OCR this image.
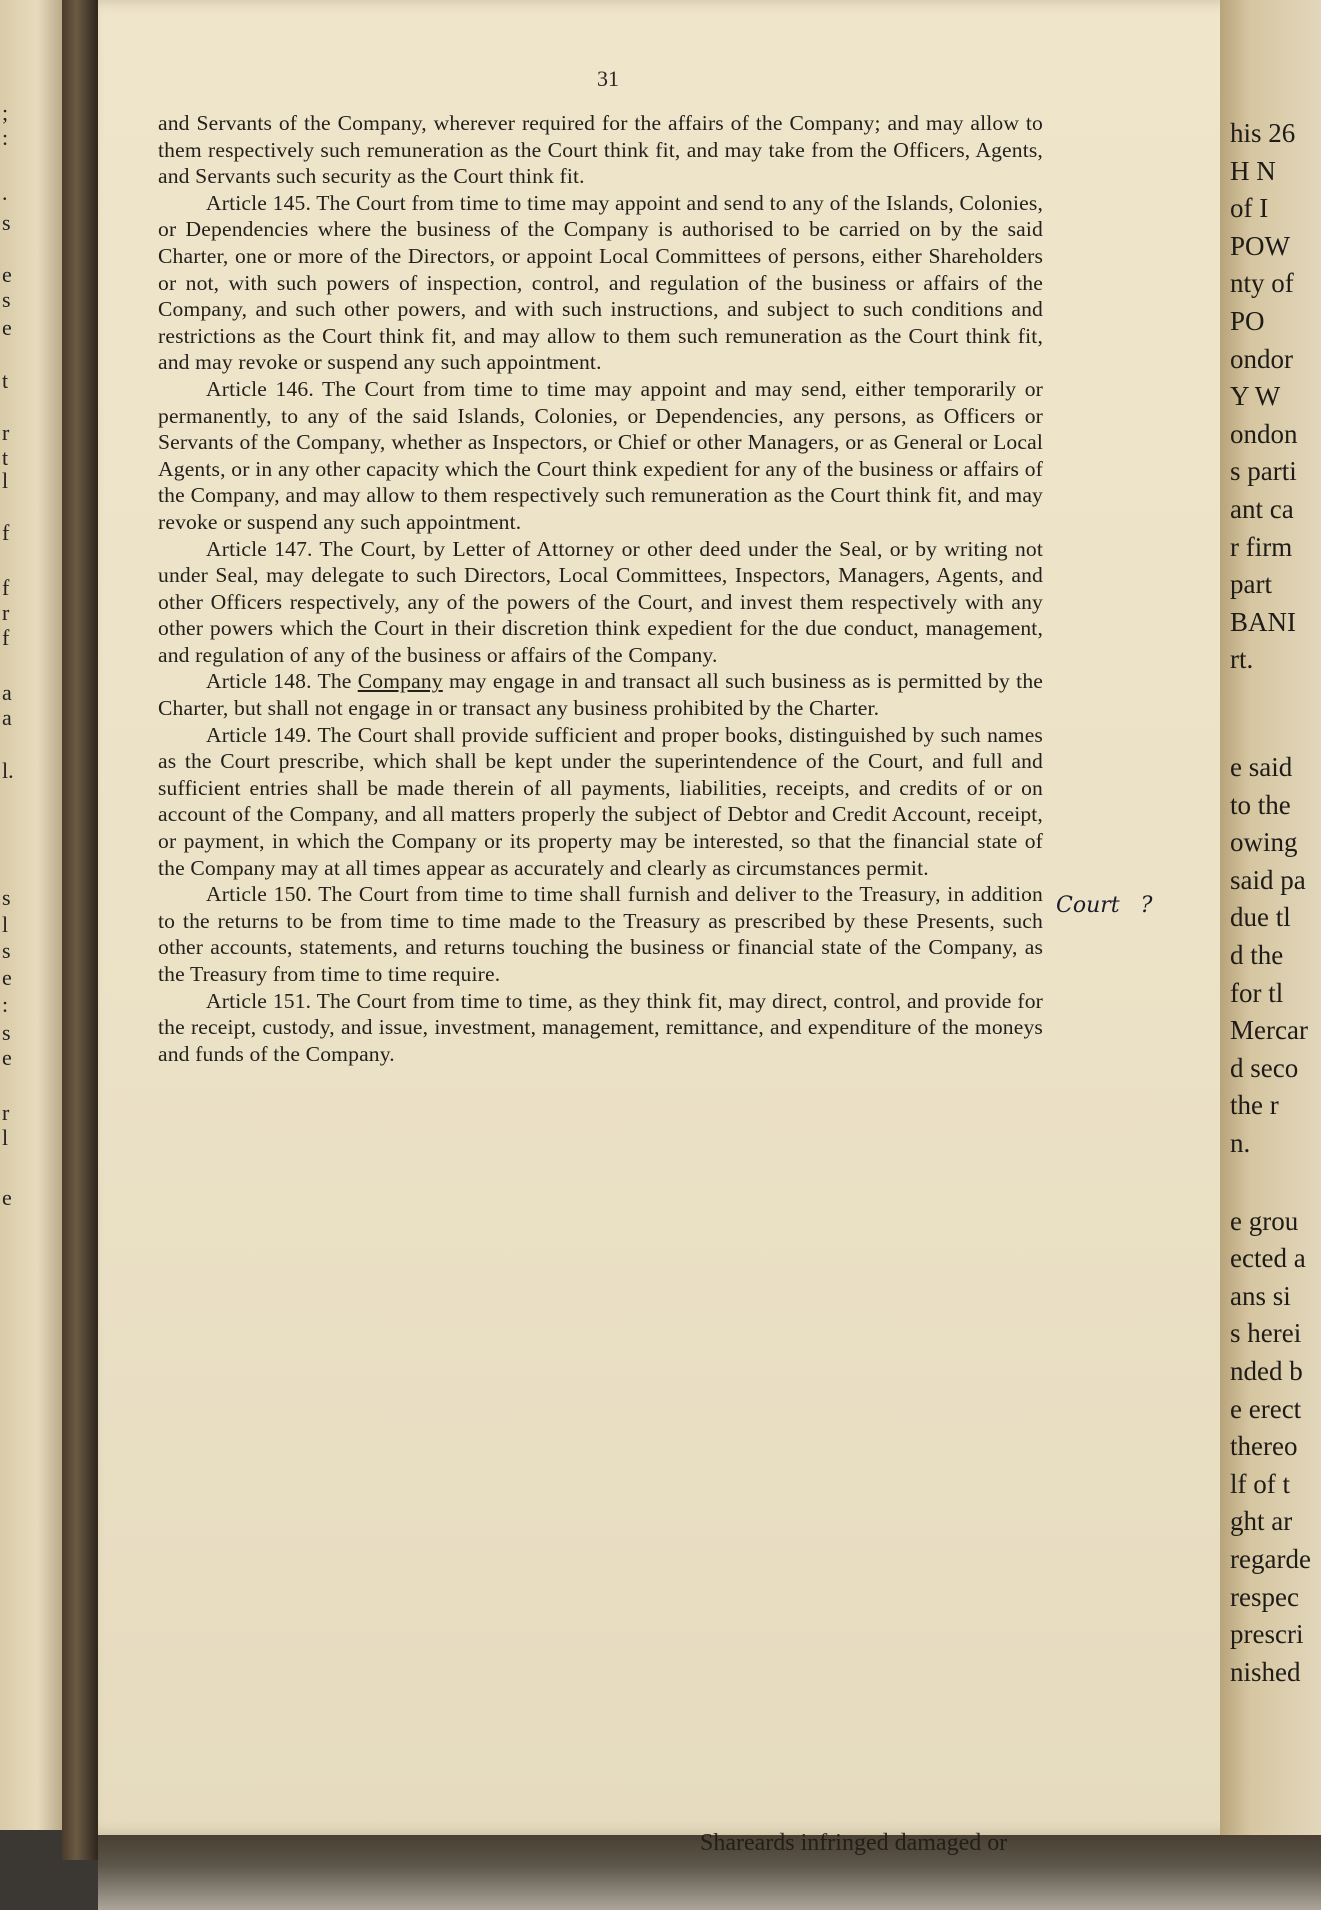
;
:
.
s
e
s
e
t
r
t
l
f
f
r
f
a
a
l.
s
l
s
e
:
s
e
r
l
e
31

and Servants of the Company, wherever required for the affairs of the Company; and may allow to them respectively such remuneration as the Court think fit, and may take from the Officers, Agents, and Servants such security as the Court think fit.

Article 145. The Court from time to time may appoint and send to any of the Islands, Colonies, or Dependencies where the business of the Company is authorised to be carried on by the said Charter, one or more of the Directors, or appoint Local Committees of persons, either Shareholders or not, with such powers of inspection, control, and regulation of the business or affairs of the Company, and such other powers, and with such instructions, and subject to such conditions and restrictions as the Court think fit, and may allow to them such remuneration as the Court think fit, and may revoke or suspend any such appointment.

Article 146. The Court from time to time may appoint and may send, either temporarily or permanently, to any of the said Islands, Colonies, or Dependencies, any persons, as Officers or Servants of the Company, whether as Inspectors, or Chief or other Managers, or as General or Local Agents, or in any other capacity which the Court think expedient for any of the business or affairs of the Company, and may allow to them respectively such remuneration as the Court think fit, and may revoke or suspend any such appointment.

Article 147. The Court, by Letter of Attorney or other deed under the Seal, or by writing not under Seal, may delegate to such Directors, Local Committees, Inspectors, Managers, Agents, and other Officers respectively, any of the powers of the Court, and invest them respectively with any other powers which the Court in their discretion think expedient for the due conduct, management, and regulation of any of the business or affairs of the Company.

Article 148. The Company may engage in and transact all such business as is permitted by the Charter, but shall not engage in or transact any business prohibited by the Charter.

Article 149. The Court shall provide sufficient and proper books, distinguished by such names as the Court prescribe, which shall be kept under the superintendence of the Court, and full and sufficient entries shall be made therein of all payments, liabilities, receipts, and credits of or on account of the Company, and all matters properly the subject of Debtor and Credit Account, receipt, or payment, in which the Company or its property may be interested, so that the financial state of the Company may at all times appear as accurately and clearly as circumstances permit.

Article 150. The Court from time to time shall furnish and deliver to the Treasury, in addition to the returns to be from time to time made to the Treasury as prescribed by these Presents, such other accounts, statements, and returns touching the business or financial state of the Company, as the Treasury from time to time require.

Article 151. The Court from time to time, as they think fit, may direct, control, and provide for the receipt, custody, and issue, investment, management, remittance, and expenditure of the moneys and funds of the Company.

Court   ?
his 26
H N
of I
POW
nty of
PO
ondor
Y W
ondon
s parti
ant ca
r firm
part
BANI
rt.
e said
to the
owing
said pa
due tl
d the
for tl
Mercar
d seco
the r
n.
e grou
ected a
ans si
s herei
nded b
e erect
thereo
lf of t
ght ar
regarde
respec
prescri
nished
Shareards infringed damaged or
